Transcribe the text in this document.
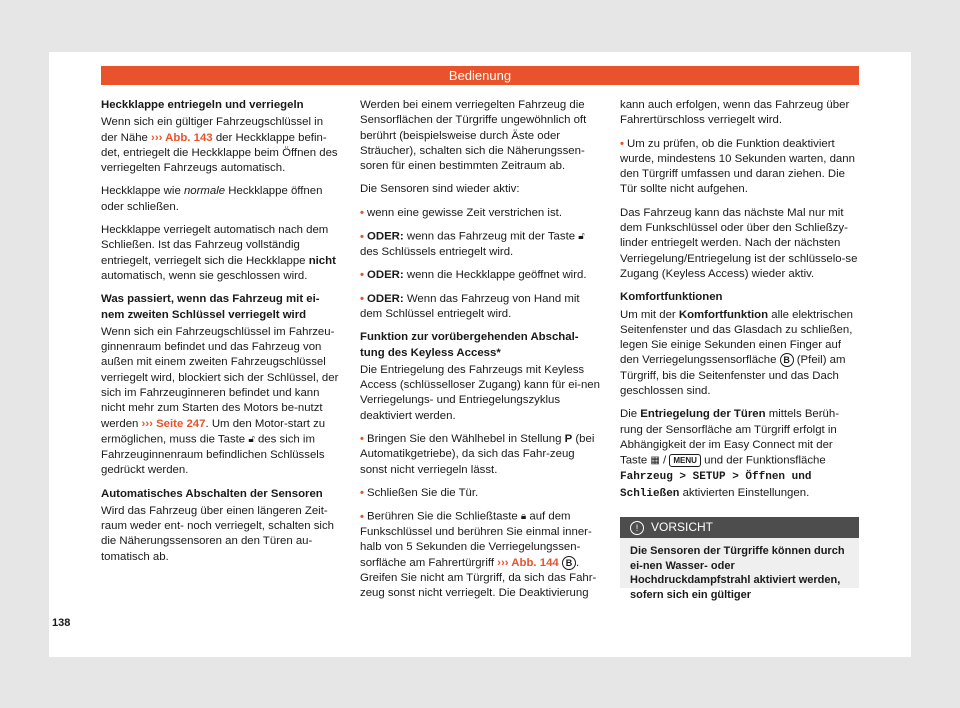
Bedienung
Heckklappe entriegeln und verriegeln

Wenn sich ein gültiger Fahrzeugschlüssel in der Nähe ››› Abb. 143 der Heckklappe befin-det, entriegelt die Heckklappe beim Öffnen des verriegelten Fahrzeugs automatisch.

Heckklappe wie normale Heckklappe öffnen oder schließen.

Heckklappe verriegelt automatisch nach dem Schließen. Ist das Fahrzeug vollständig entriegelt, verriegelt sich die Heckklappe nicht automatisch, wenn sie geschlossen wird.

Was passiert, wenn das Fahrzeug mit ei-nem zweiten Schlüssel verriegelt wird

Wenn sich ein Fahrzeugschlüssel im Fahrzeu-ginnenraum befindet und das Fahrzeug von außen mit einem zweiten Fahrzeugschlüssel verriegelt wird, blockiert sich der Schlüssel, der sich im Fahrzeuginneren befindet und kann nicht mehr zum Starten des Motors be-nutzt werden ››› Seite 247. Um den Motor-start zu ermöglichen, muss die Taste 🔓︎ des sich im Fahrzeuginnenraum befindlichen Schlüssels gedrückt werden.

Automatisches Abschalten der Sensoren

Wird das Fahrzeug über einen längeren Zeit-raum weder ent- noch verriegelt, schalten sich die Näherungssensoren an den Türen au-tomatisch ab.

Werden bei einem verriegelten Fahrzeug die Sensorflächen der Türgriffe ungewöhnlich oft berührt (beispielsweise durch Äste oder Sträucher), schalten sich die Näherungssen-soren für einen bestimmten Zeitraum ab.

Die Sensoren sind wieder aktiv:

• wenn eine gewisse Zeit verstrichen ist.

• ODER: wenn das Fahrzeug mit der Taste 🔓︎ des Schlüssels entriegelt wird.

• ODER: wenn die Heckklappe geöffnet wird.

• ODER: Wenn das Fahrzeug von Hand mit dem Schlüssel entriegelt wird.

Funktion zur vorübergehenden Abschal-tung des Keyless Access*

Die Entriegelung des Fahrzeugs mit Keyless Access (schlüsselloser Zugang) kann für ei-nen Verriegelungs- und Entriegelungszyklus deaktiviert werden.

• Bringen Sie den Wählhebel in Stellung P (bei Automatikgetriebe), da sich das Fahr-zeug sonst nicht verriegeln lässt.

• Schließen Sie die Tür.

• Berühren Sie die Schließtaste 🔒︎ auf dem Funkschlüssel und berühren Sie einmal inner-halb von 5 Sekunden die Verriegelungssen-sorfläche am Fahrertürgriff ››› Abb. 144 B . Greifen Sie nicht am Türgriff, da sich das Fahr-zeug sonst nicht verriegelt. Die Deaktivierung

kann auch erfolgen, wenn das Fahrzeug über Fahrertürschloss verriegelt wird.

• Um zu prüfen, ob die Funktion deaktiviert wurde, mindestens 10 Sekunden warten, dann den Türgriff umfassen und daran ziehen. Die Tür sollte nicht aufgehen.

Das Fahrzeug kann das nächste Mal nur mit dem Funkschlüssel oder über den Schließzy-linder entriegelt werden. Nach der nächsten Verriegelung/Entriegelung ist der schlüsselo-se Zugang (Keyless Access) wieder aktiv.

Komfortfunktionen

Um mit der Komfortfunktion alle elektrischen Seitenfenster und das Glasdach zu schließen, legen Sie einige Sekunden einen Finger auf den Verriegelungssensorfläche B (Pfeil) am Türgriff, bis die Seitenfenster und das Dach geschlossen sind.

Die Entriegelung der Türen mittels Berüh-rung der Sensorfläche am Türgriff erfolgt in Abhängigkeit der im Easy Connect mit der Taste ▦ / MENU und der Funktionsfläche Fahrzeug > SETUP > Öffnen und Schließen aktivierten Einstellungen.

! VORSICHT
Die Sensoren der Türgriffe können durch ei-nen Wasser- oder Hochdruckdampfstrahl aktiviert werden, sofern sich ein gültiger
138
